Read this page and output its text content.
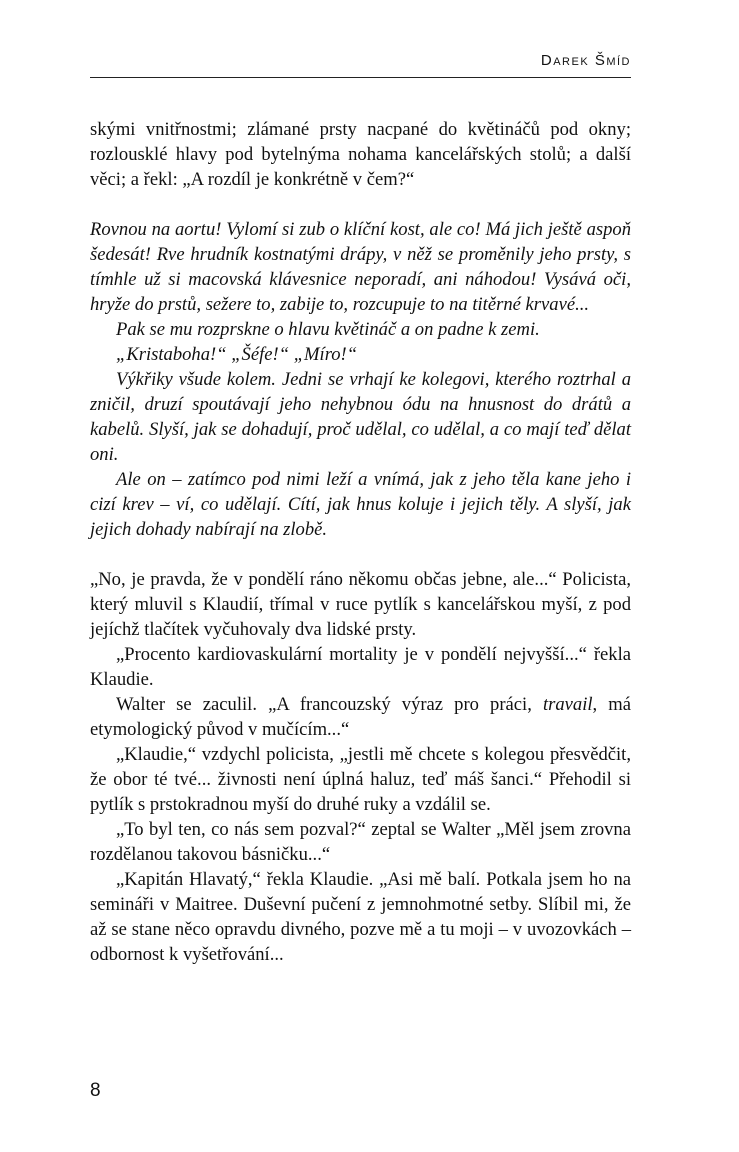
Darek Šmíd

skými vnitřnostmi; zlámané prsty nacpané do květináčů pod okny; rozlousklé hlavy pod bytelnýma nohama kancelářských stolů; a další věci; a řekl: „A rozdíl je konkrétně v čem?“

Rovnou na aortu! Vylomí si zub o klíční kost, ale co! Má jich ještě aspoň šedesát! Rve hrudník kostnatými drápy, v něž se proměnily jeho prsty, s tímhle už si macovská klávesnice neporadí, ani náhodou! Vysává oči, hryže do prstů, sežere to, zabije to, rozcupuje to na titěrné krvavé...

Pak se mu rozprskne o hlavu květináč a on padne k zemi.

„Kristaboha!“ „Šéfe!“ „Míro!“

Výkřiky všude kolem. Jedni se vrhají ke kolegovi, kterého roztrhal a zničil, druzí spoutávají jeho nehybnou ódu na hnusnost do drátů a kabelů. Slyší, jak se dohadují, proč udělal, co udělal, a co mají teď dělat oni.

Ale on – zatímco pod nimi leží a vnímá, jak z jeho těla kane jeho i cizí krev – ví, co udělají. Cítí, jak hnus koluje i jejich těly. A slyší, jak jejich dohady nabírají na zlobě.

„No, je pravda, že v pondělí ráno někomu občas jebne, ale...“ Policista, který mluvil s Klaudií, třímal v ruce pytlík s kancelářskou myší, z pod jejíchž tlačítek vyčuhovaly dva lidské prsty.

„Procento kardiovaskulární mortality je v pondělí nejvyšší...“ řekla Klaudie.

Walter se zaculil. „A francouzský výraz pro práci, travail, má etymologický původ v mučícím...“

„Klaudie,“ vzdychl policista, „jestli mě chcete s kolegou přesvědčit, že obor té tvé... živnosti není úplná haluz, teď máš šanci.“ Přehodil si pytlík s prstokradnou myší do druhé ruky a vzdálil se.

„To byl ten, co nás sem pozval?“ zeptal se Walter „Měl jsem zrovna rozdělanou takovou básničku...“

„Kapitán Hlavatý,“ řekla Klaudie. „Asi mě balí. Potkala jsem ho na semináři v Maitree. Duševní pučení z jemnohmotné setby. Slíbil mi, že až se stane něco opravdu divného, pozve mě a tu moji – v uvozovkách – odbornost k vyšetřování...

8
